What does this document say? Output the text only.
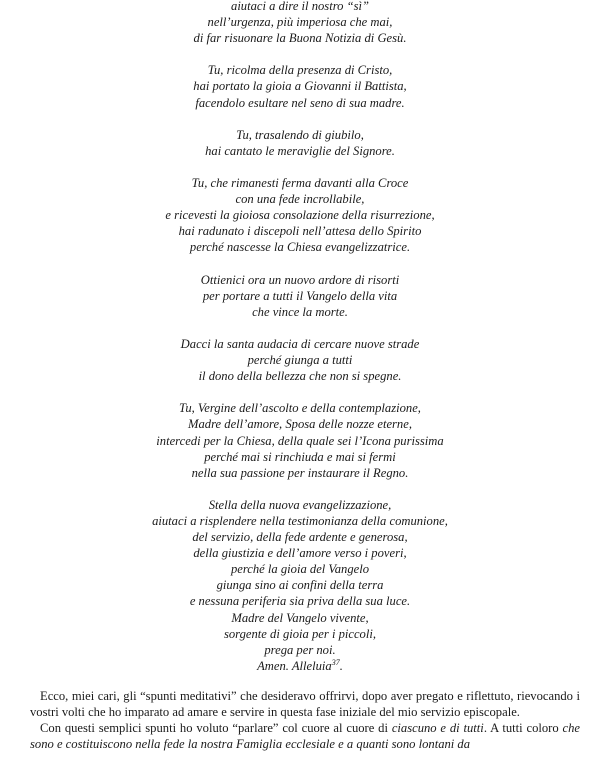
aiutaci a dire il nostro “sì”
nell’urgenza, più imperiosa che mai,
di far risuonare la Buona Notizia di Gesù.
Tu, ricolma della presenza di Cristo,
hai portato la gioia a Giovanni il Battista,
facendolo esultare nel seno di sua madre.
Tu, trasalendo di giubilo,
hai cantato le meraviglie del Signore.
Tu, che rimanesti ferma davanti alla Croce
con una fede incrollabile,
e ricevesti la gioiosa consolazione della risurrezione,
hai radunato i discepoli nell’attesa dello Spirito
perché nascesse la Chiesa evangelizzatrice.
Ottienici ora un nuovo ardore di risorti
per portare a tutti il Vangelo della vita
che vince la morte.
Dacci la santa audacia di cercare nuove strade
perché giunga a tutti
il dono della bellezza che non si spegne.
Tu, Vergine dell’ascolto e della contemplazione,
Madre dell’amore, Sposa delle nozze eterne,
intercedi per la Chiesa, della quale sei l’Icona purissima
perché mai si rinchiuda e mai si fermi
nella sua passione per instaurare il Regno.
Stella della nuova evangelizzazione,
aiutaci a risplendere nella testimonianza della comunione,
del servizio, della fede ardente e generosa,
della giustizia e dell’amore verso i poveri,
perché la gioia del Vangelo
giunga sino ai confini della terra
e nessuna periferia sia priva della sua luce.
Madre del Vangelo vivente,
sorgente di gioia per i piccoli,
prega per noi.
Amen. Alleluia$^{37}$.

Ecco, miei cari, gli “spunti meditativi” che desideravo offrirvi, dopo aver pregato e riflettuto, rievocando i vostri volti che ho imparato ad amare e servire in questa fase iniziale del mio servizio episcopale.

Con questi semplici spunti ho voluto “parlare” col cuore al cuore di ciascuno e di tutti. A tutti coloro che sono e costituiscono nella fede la nostra Famiglia ecclesiale e a quanti sono lontani da
